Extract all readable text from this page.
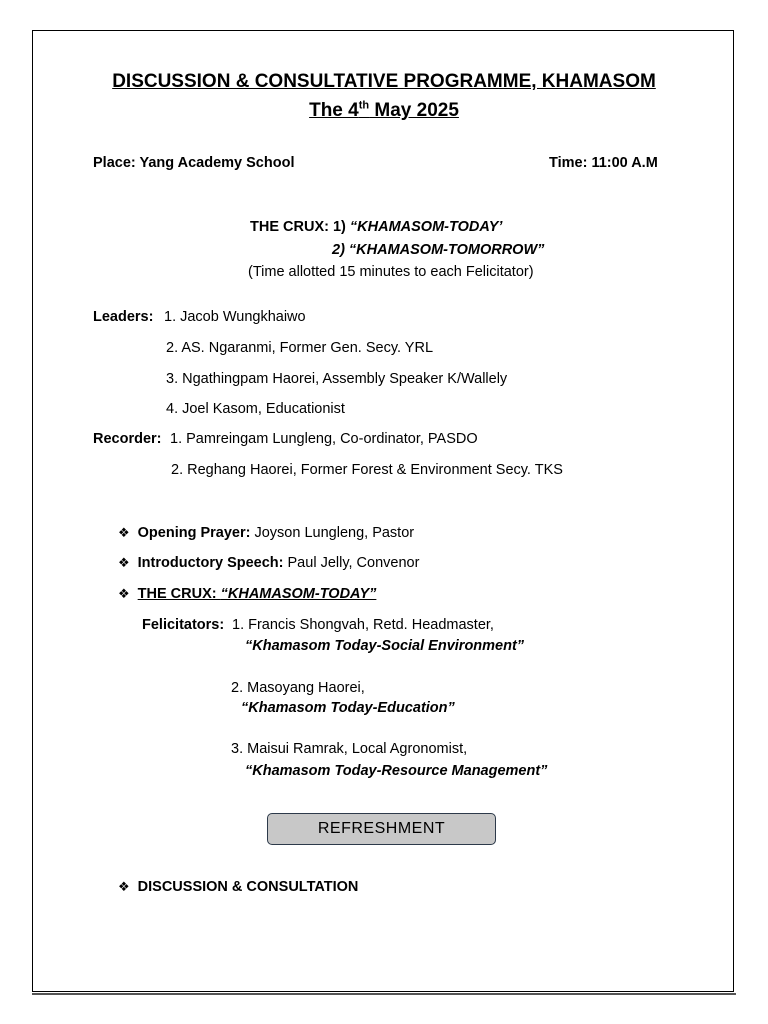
DISCUSSION & CONSULTATIVE PROGRAMME, KHAMASOM
The 4th May 2025
Place: Yang Academy School	Time: 11:00 A.M
THE CRUX: 1) “KHAMASOM-TODAY’
2) “KHAMASOM-TOMORROW”
(Time allotted 15 minutes to each Felicitator)
Leaders: 1. Jacob Wungkhaiwo
2. AS. Ngaranmi, Former Gen. Secy. YRL
3. Ngathingpam Haorei, Assembly Speaker K/Wallely
4. Joel Kasom, Educationist
Recorder: 1. Pamreingam Lungleng, Co-ordinator, PASDO
2. Reghang Haorei, Former Forest & Environment Secy. TKS
❖ Opening Prayer: Joyson Lungleng, Pastor
❖ Introductory Speech: Paul Jelly, Convenor
❖ THE CRUX: “KHAMASOM-TODAY”
Felicitators: 1. Francis Shongvah, Retd. Headmaster,
“Khamasom Today-Social Environment”
2. Masoyang Haorei,
“Khamasom Today-Education”
3. Maisui Ramrak, Local Agronomist,
“Khamasom Today-Resource Management”
REFRESHMENT
❖ DISCUSSION & CONSULTATION
